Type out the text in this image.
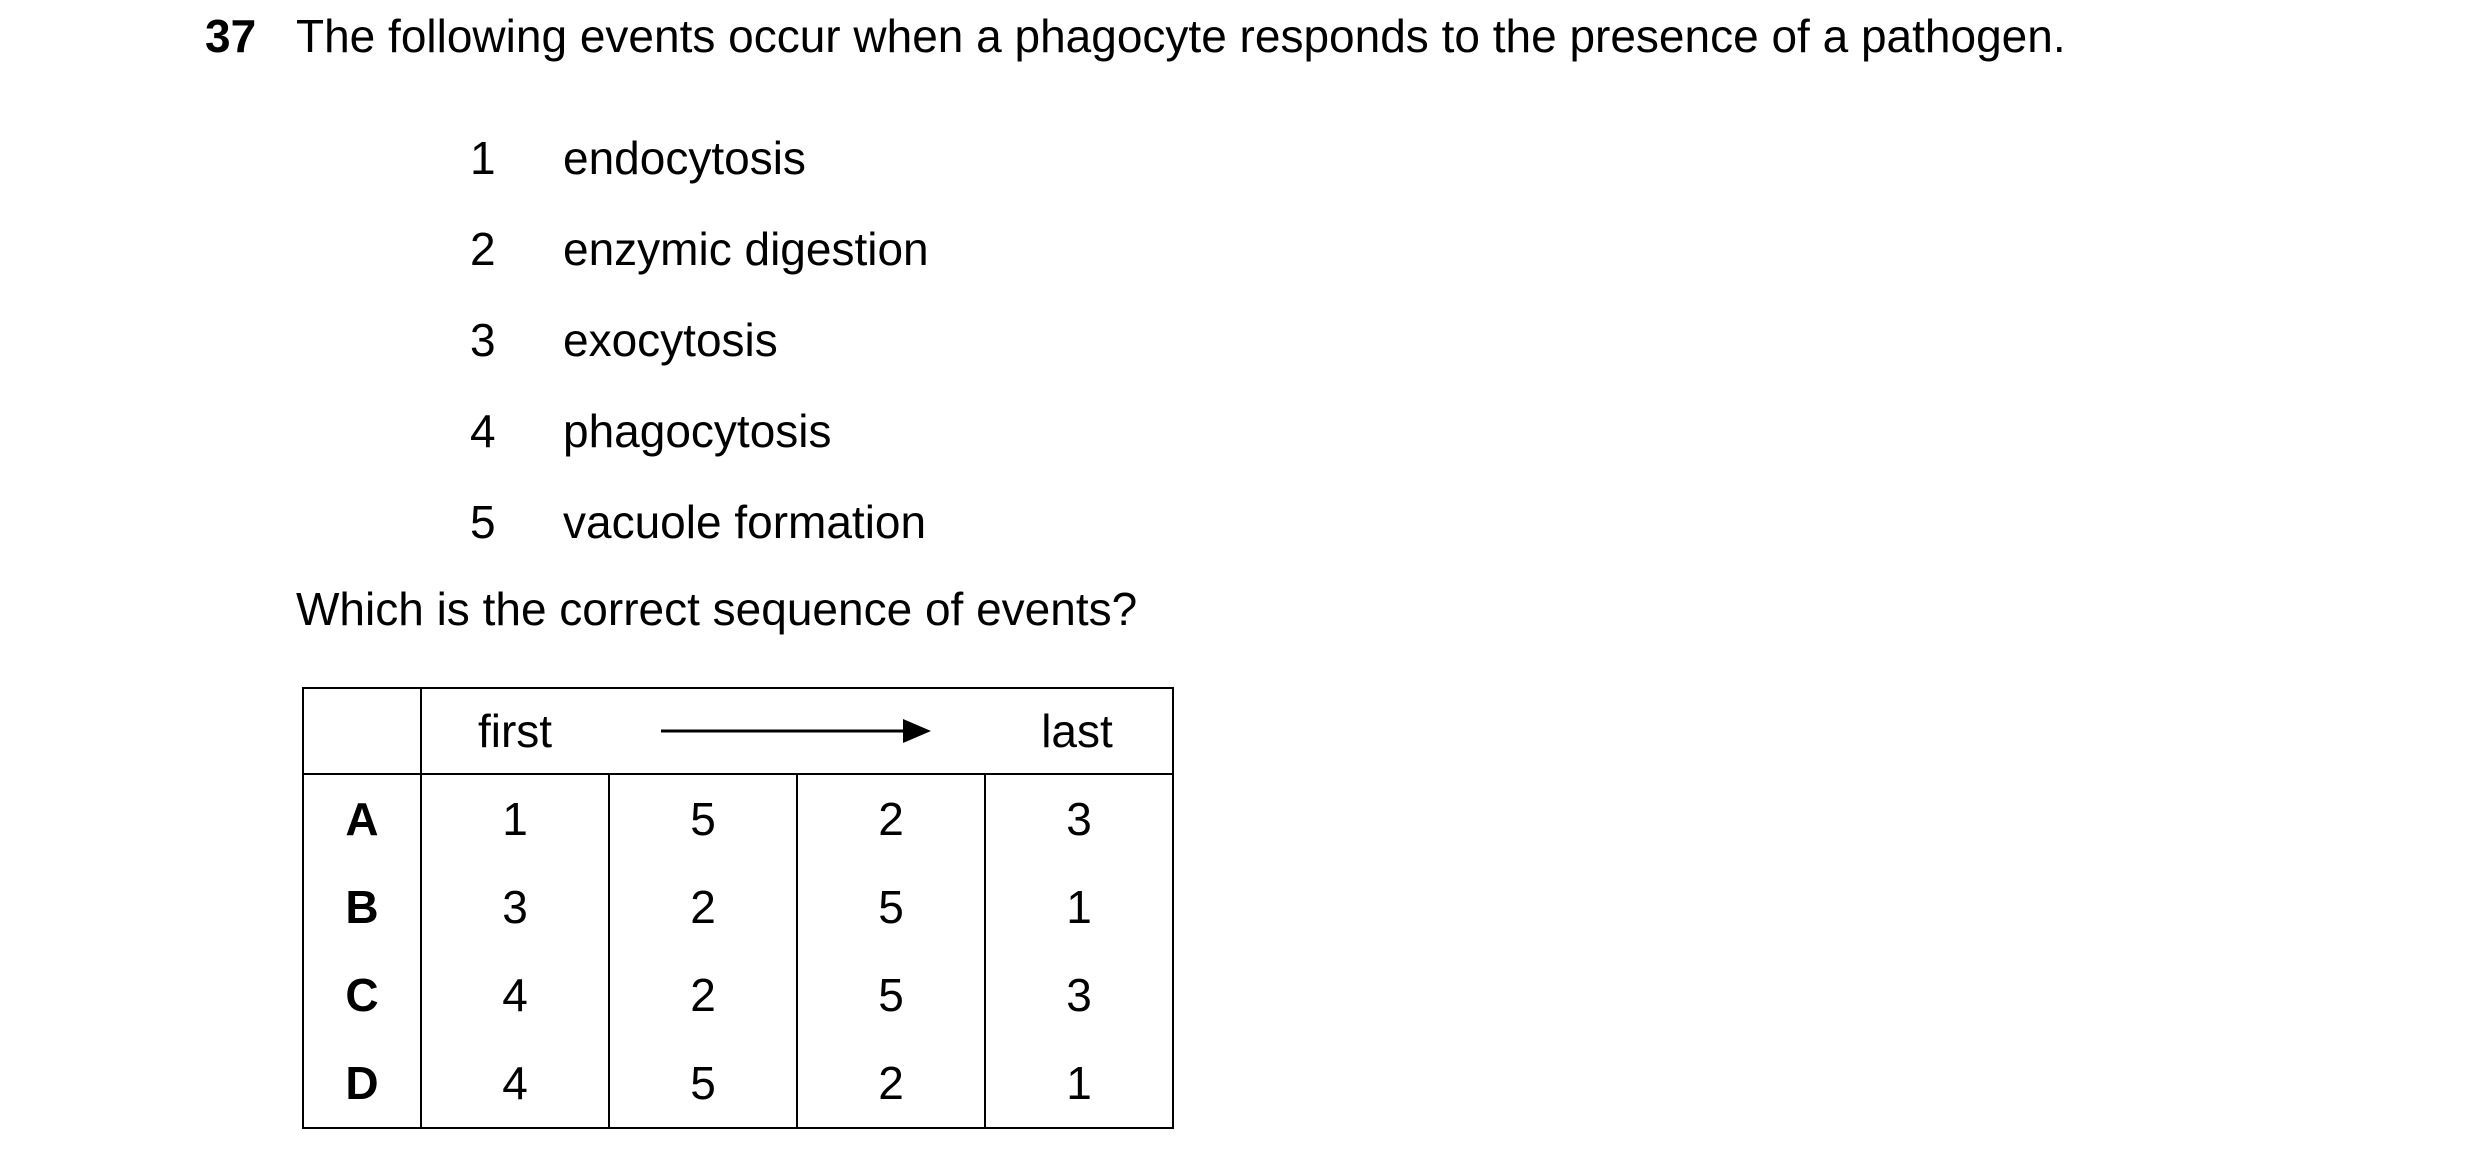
37 The following events occur when a phagocyte responds to the presence of a pathogen.
1	endocytosis
2	enzymic digestion
3	exocytosis
4	phagocytosis
5	vacuole formation
Which is the correct sequence of events?

	first last			

A	1	5	2	3
B	3	2	5	1
C	4	2	5	3
D	4	5	2	1
